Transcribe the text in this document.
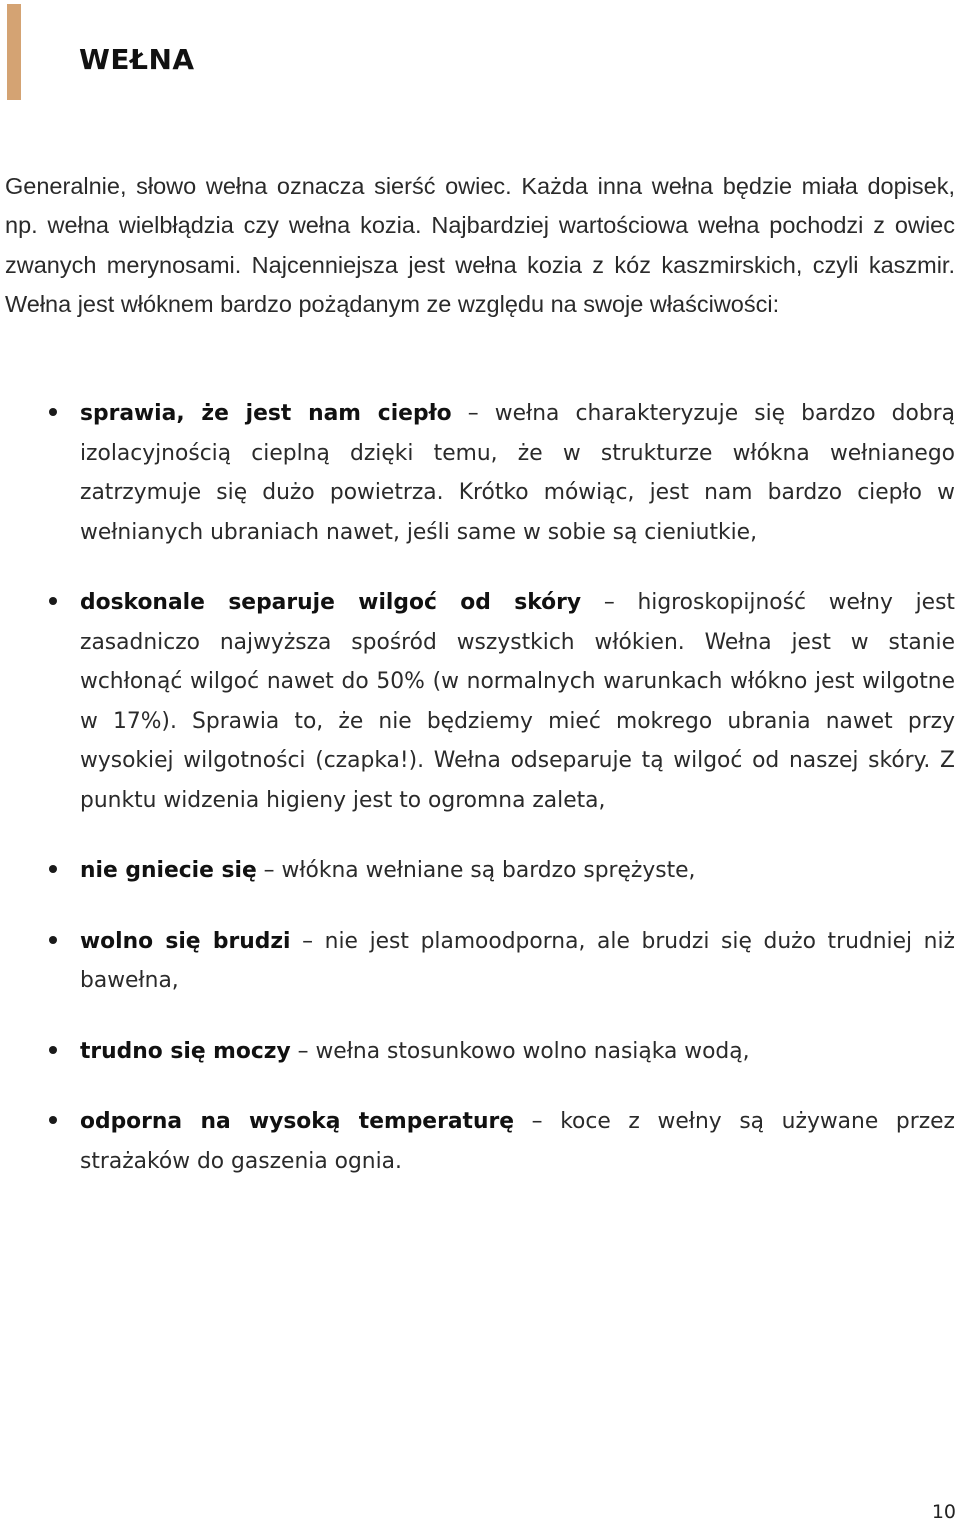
WEŁNA

Generalnie, słowo wełna oznacza sierść owiec. Każda inna wełna będzie miała dopisek, np. wełna wielbłądzia czy wełna kozia. Najbardziej wartościowa wełna pochodzi z owiec zwanych merynosami. Najcenniejsza jest wełna kozia z kóz kaszmirskich, czyli kaszmir. Wełna jest włóknem bardzo pożądanym ze względu na swoje właściwości:

sprawia, że jest nam ciepło – wełna charakteryzuje się bardzo dobrą izolacyjnością cieplną dzięki temu, że w strukturze włókna wełnianego zatrzymuje się dużo powietrza. Krótko mówiąc, jest nam bardzo ciepło w wełnianych ubraniach nawet, jeśli same w sobie są cieniutkie,
doskonale separuje wilgoć od skóry – higroskopijność wełny jest zasadniczo najwyższa spośród wszystkich włókien. Wełna jest w stanie wchłonąć wilgoć nawet do 50% (w normalnych warunkach włókno jest wilgotne w 17%). Sprawia to, że nie będziemy mieć mokrego ubrania nawet przy wysokiej wilgotności (czapka!). Wełna odseparuje tą wilgoć od naszej skóry. Z punktu widzenia higieny jest to ogromna zaleta,
nie gniecie się – włókna wełniane są bardzo sprężyste,
wolno się brudzi – nie jest plamoodporna, ale brudzi się dużo trudniej niż bawełna,
trudno się moczy – wełna stosunkowo wolno nasiąka wodą,
odporna na wysoką temperaturę – koce z wełny są używane przez strażaków do gaszenia ognia.
10
